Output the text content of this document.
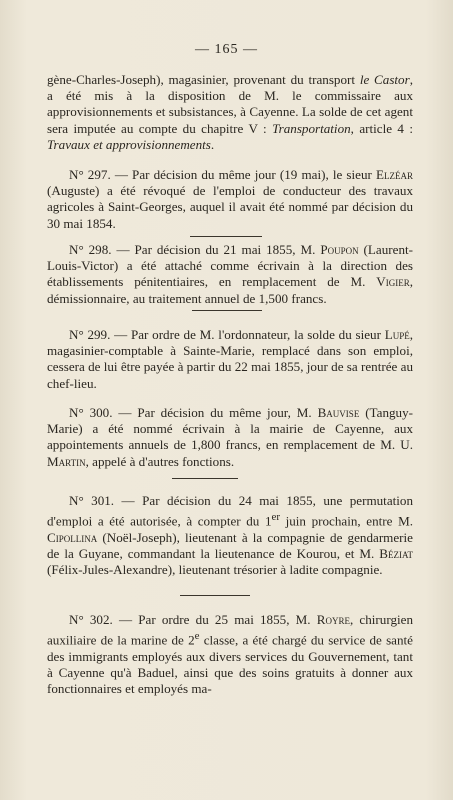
— 165 —

gène-Charles-Joseph), magasinier, provenant du transport le Castor, a été mis à la disposition de M. le commissaire aux approvisionnements et subsistances, à Cayenne. La solde de cet agent sera imputée au compte du chapitre V : Transportation, article 4 : Travaux et approvisionnements.

N° 297. — Par décision du même jour (19 mai), le sieur Elzéar (Auguste) a été révoqué de l'emploi de conducteur des travaux agricoles à Saint-Georges, auquel il avait été nommé par décision du 30 mai 1854.

N° 298. — Par décision du 21 mai 1855, M. Poupon (Laurent-Louis-Victor) a été attaché comme écrivain à la direction des établissements pénitentiaires, en remplacement de M. Vigier, démissionnaire, au traitement annuel de 1,500 francs.

N° 299. — Par ordre de M. l'ordonnateur, la solde du sieur Lupé, magasinier-comptable à Sainte-Marie, remplacé dans son emploi, cessera de lui être payée à partir du 22 mai 1855, jour de sa rentrée au chef-lieu.

N° 300. — Par décision du même jour, M. Bauvise (Tanguy-Marie) a été nommé écrivain à la mairie de Cayenne, aux appointements annuels de 1,800 francs, en remplacement de M. U. Martin, appelé à d'autres fonctions.

N° 301. — Par décision du 24 mai 1855, une permutation d'emploi a été autorisée, à compter du 1er juin prochain, entre M. Cipollina (Noël-Joseph), lieutenant à la compagnie de gendarmerie de la Guyane, commandant la lieutenance de Kourou, et M. Béziat (Félix-Jules-Alexandre), lieutenant trésorier à ladite compagnie.

N° 302. — Par ordre du 25 mai 1855, M. Royre, chirurgien auxiliaire de la marine de 2e classe, a été chargé du service de santé des immigrants employés aux divers services du Gouvernement, tant à Cayenne qu'à Baduel, ainsi que des soins gratuits à donner aux fonctionnaires et employés ma-
